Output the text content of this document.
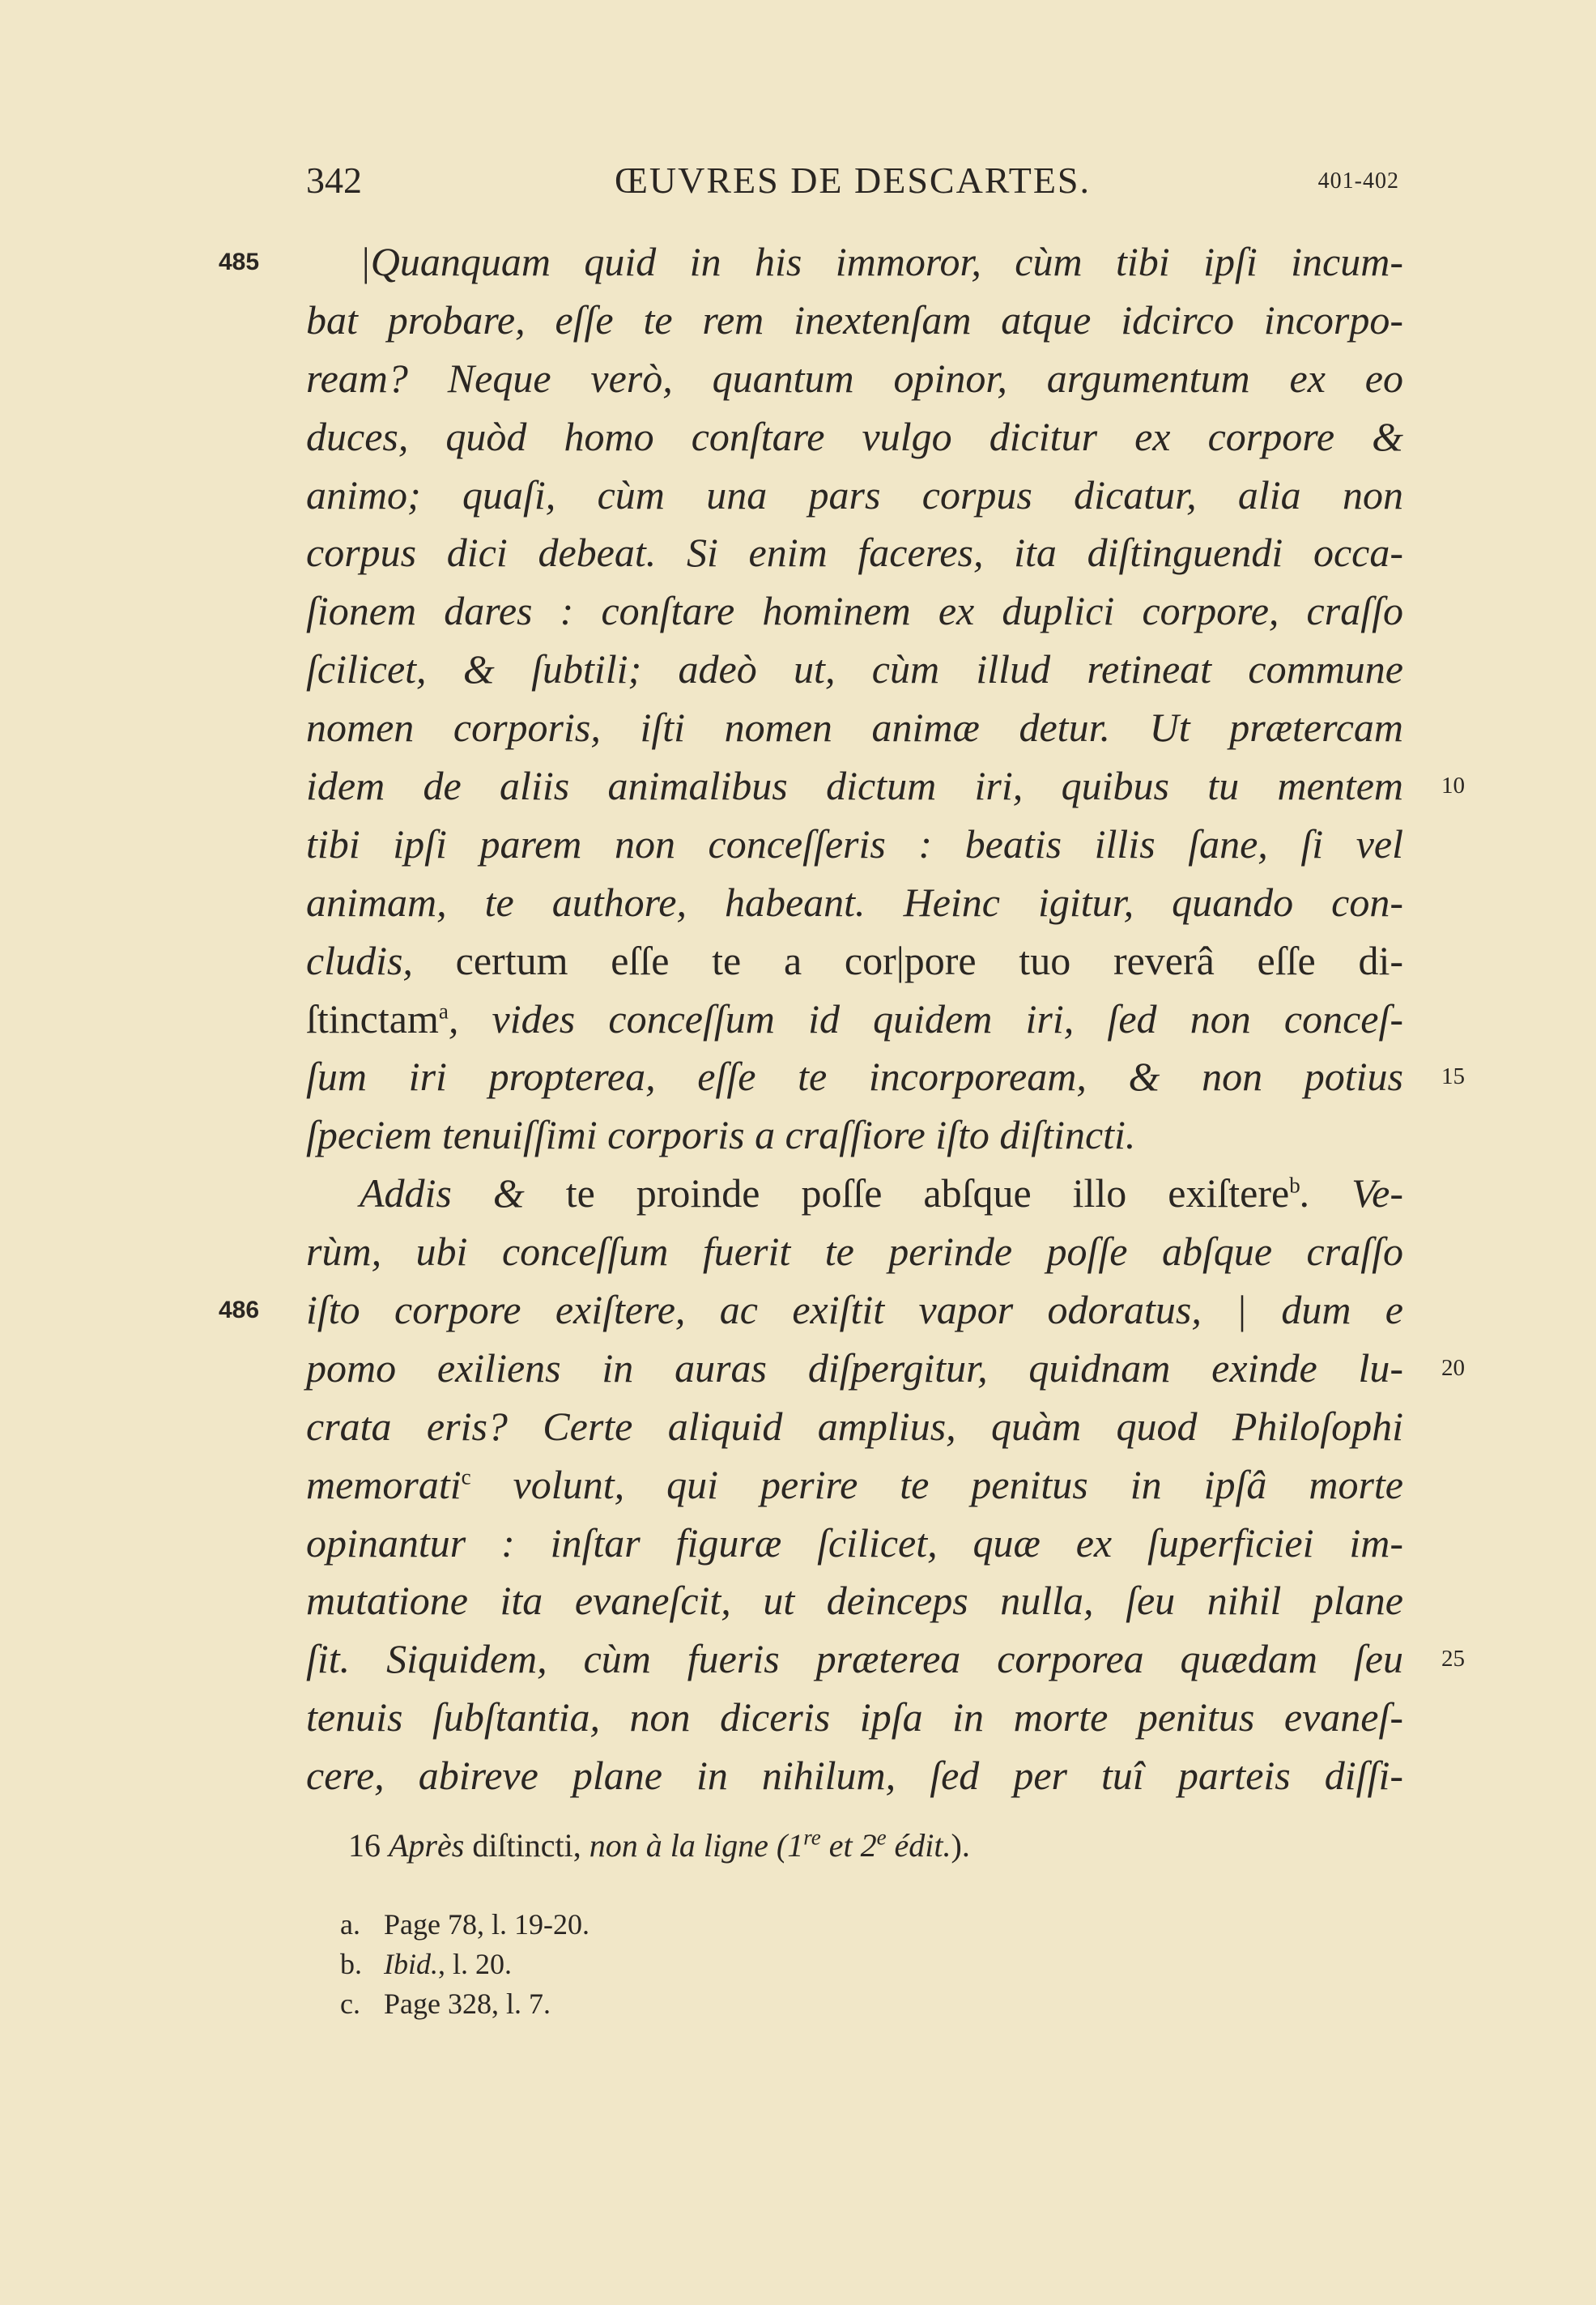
342	ŒUVRES DE DESCARTES.	401-402
485 |Quanquam quid in his immoror, cùm tibi ipſi incum-
bat probare, eſſe te rem inextenſam atque idcirco incorpo-
ream? Neque verò, quantum opinor, argumentum ex eo
duces, quòd homo conſtare vulgo dicitur ex corpore &
animo; quaſi, cùm una pars corpus dicatur, alia non
corpus dici debeat. Si enim faceres, ita diſtinguendi occa-
ſionem dares : conſtare hominem ex duplici corpore, craſſo
ſcilicet, & ſubtili; adeò ut, cùm illud retineat commune
nomen corporis, iſti nomen animæ detur. Ut prætercam
idem de aliis animalibus dictum iri, quibus tu mentem 10
tibi ipſi parem non conceſſeris : beatis illis ſane, ſi vel
animam, te authore, habeant. Heinc igitur, quando con-
cludis, certum eſſe te a cor|pore tuo reverâ eſſe di-
ſtinctam$^a$, vides conceſſum id quidem iri, ſed non conceſ-
ſum iri propterea, eſſe te incorpoream, & non potius 15
ſpeciem tenuiſſimi corporis a craſſiore iſto diſtincti.
Addis & te proinde poſſe abſque illo exiſtere$^b$. Ve-
rùm, ubi conceſſum fuerit te perinde poſſe abſque craſſo
486 iſto corpore exiſtere, ac exiſtit vapor odoratus, | dum e
pomo exiliens in auras diſpergitur, quidnam exinde lu- 20
crata eris? Certe aliquid amplius, quàm quod Philoſophi
memorati$^c$ volunt, qui perire te penitus in ipſâ morte
opinantur : inſtar figuræ ſcilicet, quæ ex ſuperficiei im-
mutatione ita evaneſcit, ut deinceps nulla, ſeu nihil plane
ſit. Siquidem, cùm fueris præterea corporea quædam ſeu 25
tenuis ſubſtantia, non diceris ipſa in morte penitus evaneſ-
cere, abireve plane in nihilum, ſed per tuî parteis diſſi-
16 Après diſtincti, non à la ligne (1re et 2e édit.).
a. Page 78, l. 19-20.
b. Ibid., l. 20.
c. Page 328, l. 7.
